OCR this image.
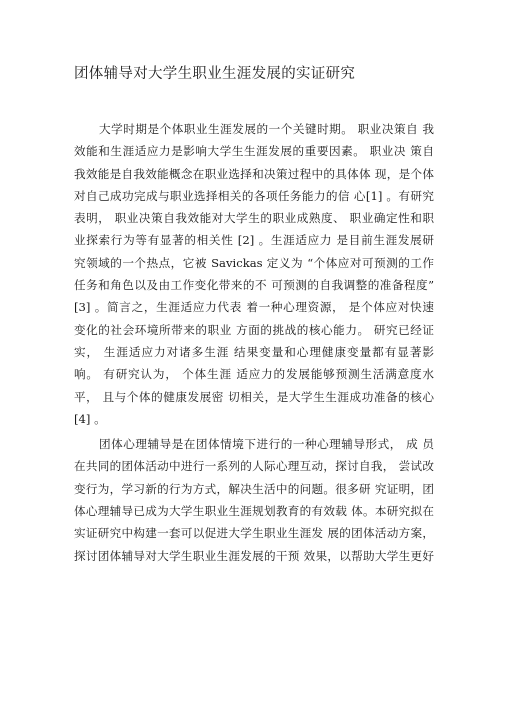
团体辅导对大学生职业生涯发展的实证研究
大学时期是个体职业生涯发展的一个关键时期。 职业决策自 我
效能和生涯适应力是影响大学生生涯发展的重要因素。 职业决 策自
我效能是自我效能概念在职业选择和决策过程中的具体体 现，是个体
对自己成功完成与职业选择相关的各项任务能力的信 心[1] 。有研究
表明， 职业决策自我效能对大学生的职业成熟度、 职业确定性和职
业探索行为等有显著的相关性 [2] 。生涯适应力 是目前生涯发展研
究领域的一个热点，它被 Savickas 定义为 “个体应对可预测的工作
任务和角色以及由工作变化带来的不 可预测的自我调整的准备程度”
[3] 。简言之，生涯适应力代表 着一种心理资源， 是个体应对快速
变化的社会环境所带来的职业 方面的挑战的核心能力。 研究已经证
实， 生涯适应力对诸多生涯 结果变量和心理健康变量都有显著影
响。 有研究认为， 个体生涯 适应力的发展能够预测生活满意度水
平， 且与个体的健康发展密 切相关，是大学生生涯成功准备的核心
[4] 。
团体心理辅导是在团体情境下进行的一种心理辅导形式， 成 员
在共同的团体活动中进行一系列的人际心理互动，探讨自我， 尝试改
变行为，学习新的行为方式，解决生活中的问题。很多研 究证明，团
体心理辅导已成为大学生职业生涯规划教育的有效载 体。本研究拟在
实证研究中构建一套可以促进大学生职业生涯发 展的团体活动方案，
探讨团体辅导对大学生职业生涯发展的干预 效果，以帮助大学生更好
